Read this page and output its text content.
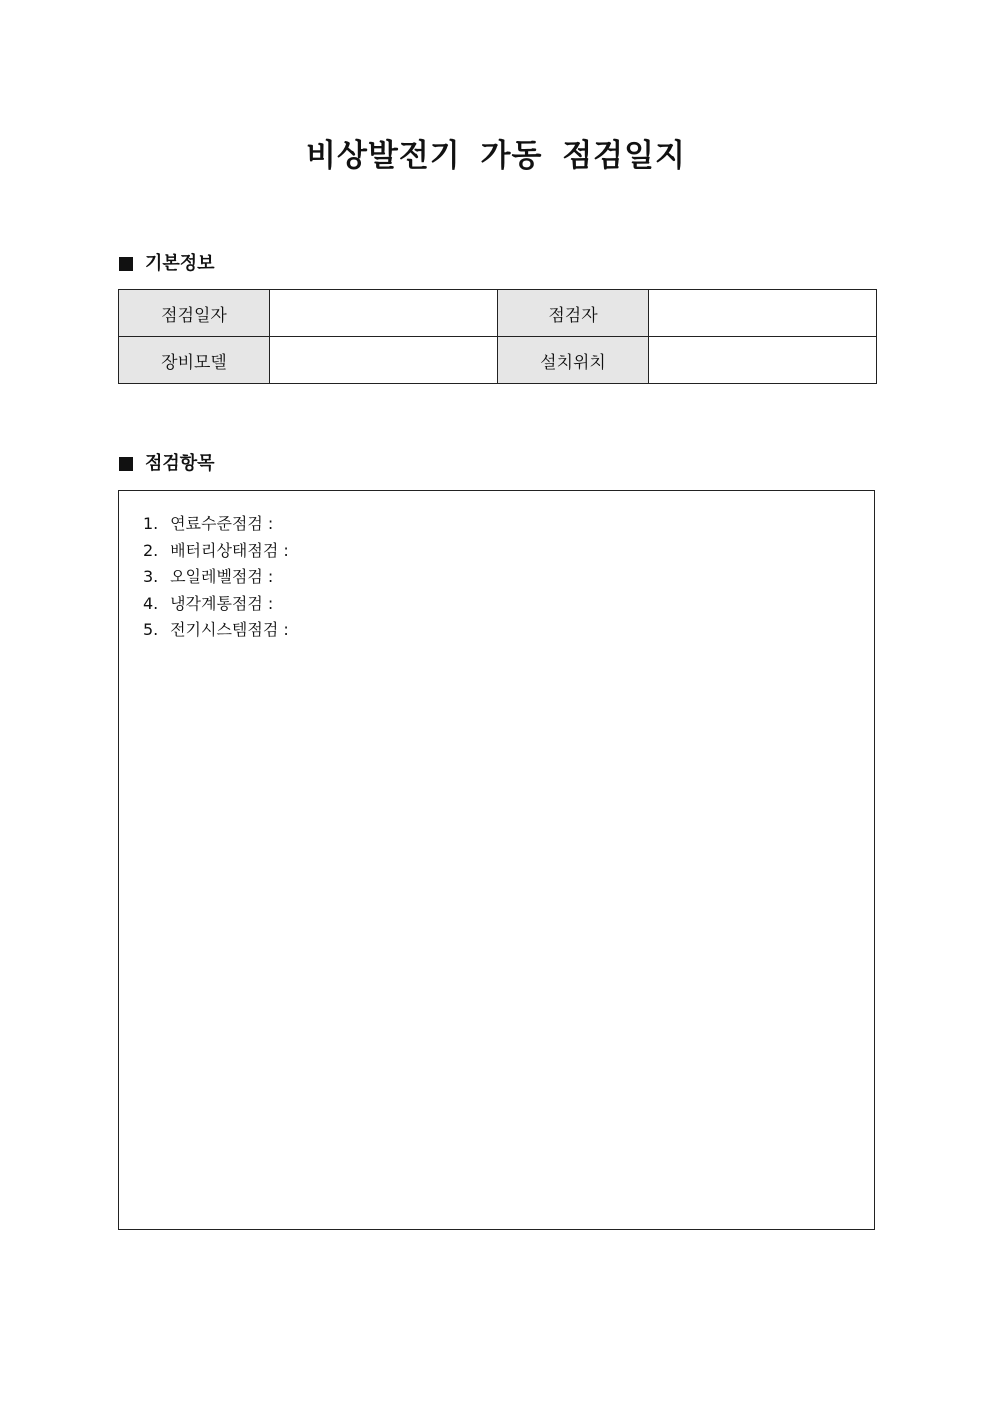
비상발전기 가동 점검일지
기본정보
점검일자		점검자	
장비모델		설치위치	
점검항목
1. 연료수준점검 :
2. 배터리상태점검 :
3. 오일레벨점검 :
4. 냉각계통점검 :
5. 전기시스템점검 :
